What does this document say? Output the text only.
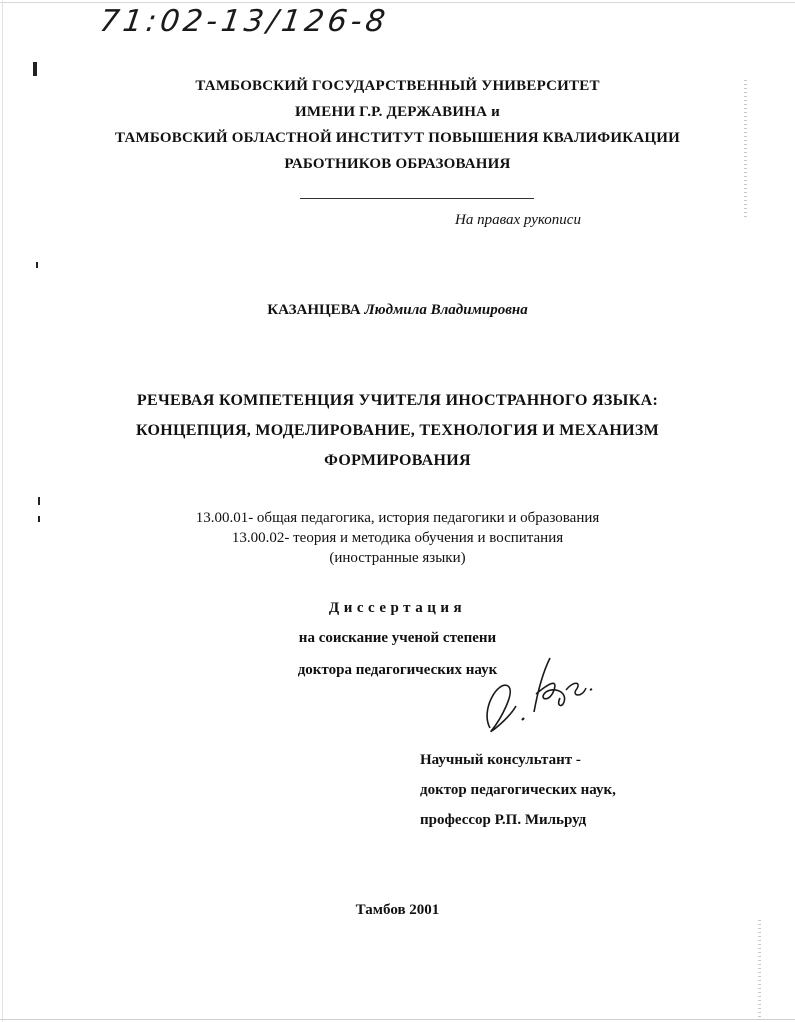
71:02-13/126-8
ТАМБОВСКИЙ ГОСУДАРСТВЕННЫЙ УНИВЕРСИТЕТ
ИМЕНИ Г.Р. ДЕРЖАВИНА и
ТАМБОВСКИЙ ОБЛАСТНОЙ ИНСТИТУТ ПОВЫШЕНИЯ КВАЛИФИКАЦИИ
РАБОТНИКОВ ОБРАЗОВАНИЯ
На правах рукописи
КАЗАНЦЕВА Людмила Владимировна
РЕЧЕВАЯ КОМПЕТЕНЦИЯ УЧИТЕЛЯ ИНОСТРАННОГО ЯЗЫКА:
КОНЦЕПЦИЯ, МОДЕЛИРОВАНИЕ, ТЕХНОЛОГИЯ И МЕХАНИЗМ
ФОРМИРОВАНИЯ
13.00.01- общая педагогика, история педагогики и образования
13.00.02- теория и методика обучения и воспитания
(иностранные языки)
Диссертация
на соискание ученой степени
доктора педагогических наук
Научный консультант -
доктор педагогических наук,
профессор Р.П. Мильруд
Тамбов 2001
